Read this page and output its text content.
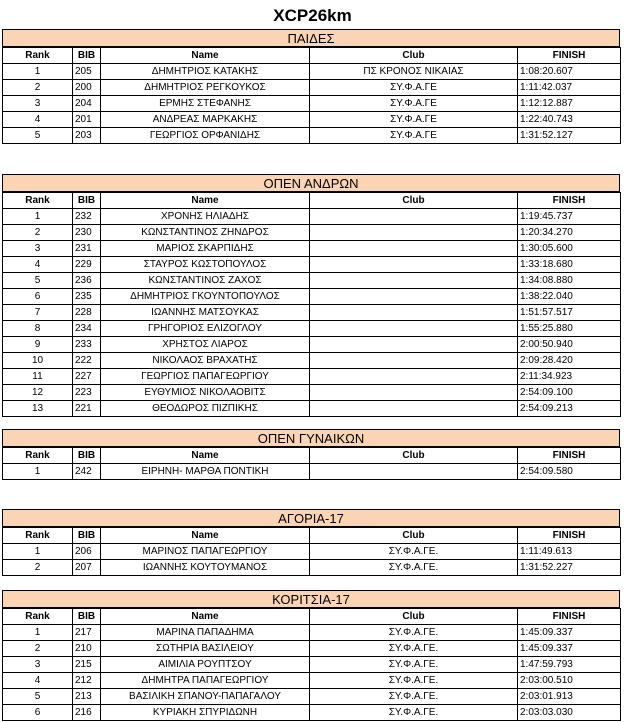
XCP26km
ΠΑΙΔΕΣ
Rank	BIB	Name	Club	FINISH
1	205	ΔΗΜΗΤΡΙΟΣ ΚΑΤΑΚΗΣ	ΠΣ ΚΡΟΝΟΣ ΝΙΚΑΙΑΣ	1:08:20.607
2	200	ΔΗΜΗΤΡΙΟΣ ΡΕΓΚΟΥΚΟΣ	ΣΥ.Φ.Α.ΓΕ	1:11:42.037
3	204	ΕΡΜΗΣ ΣΤΕΦΑΝΗΣ	ΣΥ.Φ.Α.ΓΕ	1:12:12.887
4	201	ΑΝΔΡΕΑΣ ΜΑΡΚΑΚΗΣ	ΣΥ.Φ.Α.ΓΕ	1:22:40.743
5	203	ΓΕΩΡΓΙΟΣ ΟΡΦΑΝΙΔΗΣ	ΣΥ.Φ.Α.ΓΕ	1:31:52.127
ΟΠΕΝ ΑΝΔΡΩΝ
Rank	BIB	Name	Club	FINISH
1	232	ΧΡΟΝΗΣ ΗΛΙΑΔΗΣ		1:19:45.737
2	230	ΚΩΝΣΤΑΝΤΙΝΟΣ ΖΗΝΔΡΟΣ		1:20:34.270
3	231	ΜΑΡΙΟΣ ΣΚΑΡΠΙΔΗΣ		1:30:05.600
4	229	ΣΤΑΥΡΟΣ ΚΩΣΤΟΠΟΥΛΟΣ		1:33:18.680
5	236	ΚΩΝΣΤΑΝΤΙΝΟΣ ΖΑΧΟΣ		1:34:08.880
6	235	ΔΗΜΗΤΡΙΟΣ ΓΚΟΥΝΤΟΠΟΥΛΟΣ		1:38:22.040
7	228	ΙΩΑΝΝΗΣ ΜΑΤΣΟΥΚΑΣ		1:51:57.517
8	234	ΓΡΗΓΟΡΙΟΣ ΕΛΙΖΟΓΛΟΥ		1:55:25.880
9	233	ΧΡΗΣΤΟΣ ΛΙΑΡΟΣ		2:00:50.940
10	222	ΝΙΚΟΛΑΟΣ ΒΡΑΧΑΤΗΣ		2:09:28.420
11	227	ΓΕΩΡΓΙΟΣ ΠΑΠΑΓΕΩΡΓΙΟΥ		2:11:34.923
12	223	ΕΥΘΥΜΙΟΣ ΝΙΚΟΛΑΟΒΙΤΣ		2:54:09.100
13	221	ΘΕΟΔΩΡΟΣ ΠΙΖΠΙΚΗΣ		2:54:09.213
ΟΠΕΝ ΓΥΝΑΙΚΩΝ
Rank	BIB	Name	Club	FINISH
1	242	ΕΙΡΗΝΗ- ΜΑΡΘΑ ΠΟΝΤΙΚΗ		2:54:09.580
ΑΓΟΡΙΑ-17
Rank	BIB	Name	Club	FINISH
1	206	ΜΑΡΙΝΟΣ ΠΑΠΑΓΕΩΡΓΙΟΥ	ΣΥ.Φ.Α.ΓΕ.	1:11:49.613
2	207	ΙΩΑΝΝΗΣ ΚΟΥΤΟΥΜΑΝΟΣ	ΣΥ.Φ.Α.ΓΕ.	1:31:52.227
ΚΟΡΙΤΣΙΑ-17
Rank	BIB	Name	Club	FINISH
1	217	ΜΑΡΙΝΑ ΠΑΠΑΔΗΜΑ	ΣΥ.Φ.Α.ΓΕ.	1:45:09.337
2	210	ΣΩΤΗΡΙΑ ΒΑΣΙΛΕΙΟΥ	ΣΥ.Φ.Α.ΓΕ.	1:45:09.337
3	215	ΑΙΜΙΛΙΑ ΡΟΥΠΤΣΟΥ	ΣΥ.Φ.Α.ΓΕ.	1:47:59.793
4	212	ΔΗΜΗΤΡΑ ΠΑΠΑΓΕΩΡΓΙΟΥ	ΣΥ.Φ.Α.ΓΕ.	2:03:00.510
5	213	ΒΑΣΙΛΙΚΗ ΣΠΑΝΟΥ-ΠΑΠΑΓΑΛΟΥ	ΣΥ.Φ.Α.ΓΕ.	2:03:01.913
6	216	ΚΥΡΙΑΚΗ ΣΠΥΡΙΔΩΝΗ	ΣΥ.Φ.Α.ΓΕ.	2:03:03.030
